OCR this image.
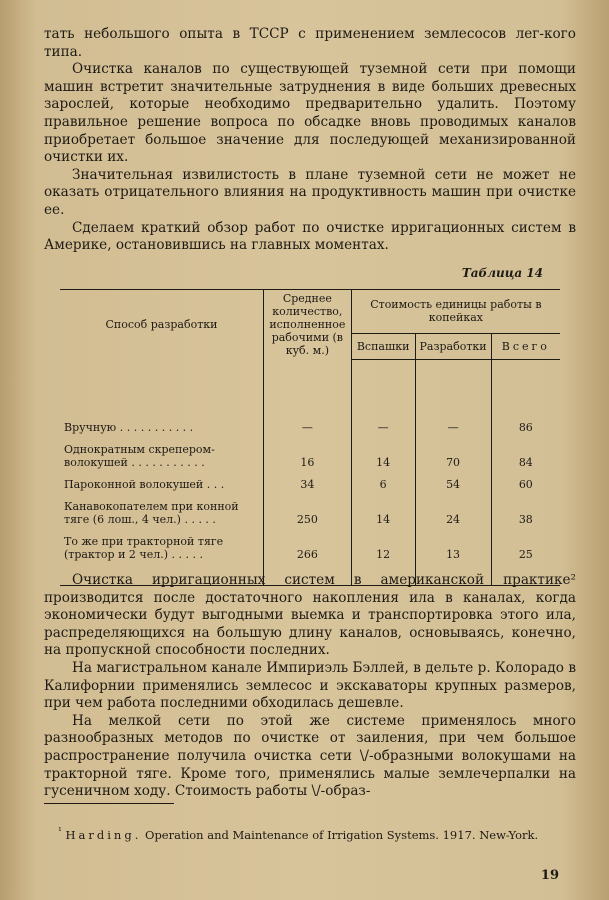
тать небольшого опыта в ТССР с применением землесосов лег-кого типа.

Очистка каналов по существующей туземной сети при помощи машин встретит значительные затруднения в виде больших древесных зарослей, которые необходимо предварительно удалить. Поэтому правильное решение вопроса по обсадке вновь проводимых каналов приобретает большое значение для последующей механизированной очистки их.

Значительная извилистость в плане туземной сети не может не оказать отрицательного влияния на продуктивность машин при очистке ее.

Сделаем краткий обзор работ по очистке ирригационных систем в Америке, остановившись на главных моментах.

Таблица 14
Способ разработки	Среднее количество, исполненное рабочими (в куб. м.)	Стоимость единицы работы в копейках		
		Вспашки	Разработки	Всего

Вручную . . . . . . . . . . .	—	—	—	86
Однократным скрепером-волокушей . . . . . . . . . . .	16	14	70	84
Пароконной волокушей . . .	34	6	54	60
Канавокопателем при конной тяге (6 лош., 4 чел.) . . . . .	250	14	24	38
То же при тракторной тяге (трактор и 2 чел.) . . . . .	266	12	13	25

Очистка ирригационных систем в американской практике² производится после достаточного накопления ила в каналах, когда экономически будут выгодными выемка и транспортировка этого ила, распределяющихся на большую длину каналов, основываясь, конечно, на пропускной способности последних.

На магистральном канале Импириэль Бэллей, в дельте р. Колорадо в Калифорнии применялись землесос и экскаваторы крупных размеров, при чем работа последними обходилась дешевле.

На мелкой сети по этой же системе применялось много разнообразных методов по очистке от заиления, при чем большое распространение получила очистка сети \/-образными волокушами на тракторной тяге. Кроме того, применялись малые землечерпалки на гусеничном ходу. Стоимость работы \/-образ-

$^{^1}$ Harding. Operation and Maintenance of Irrigation Systems. 1917. New-York.

19
